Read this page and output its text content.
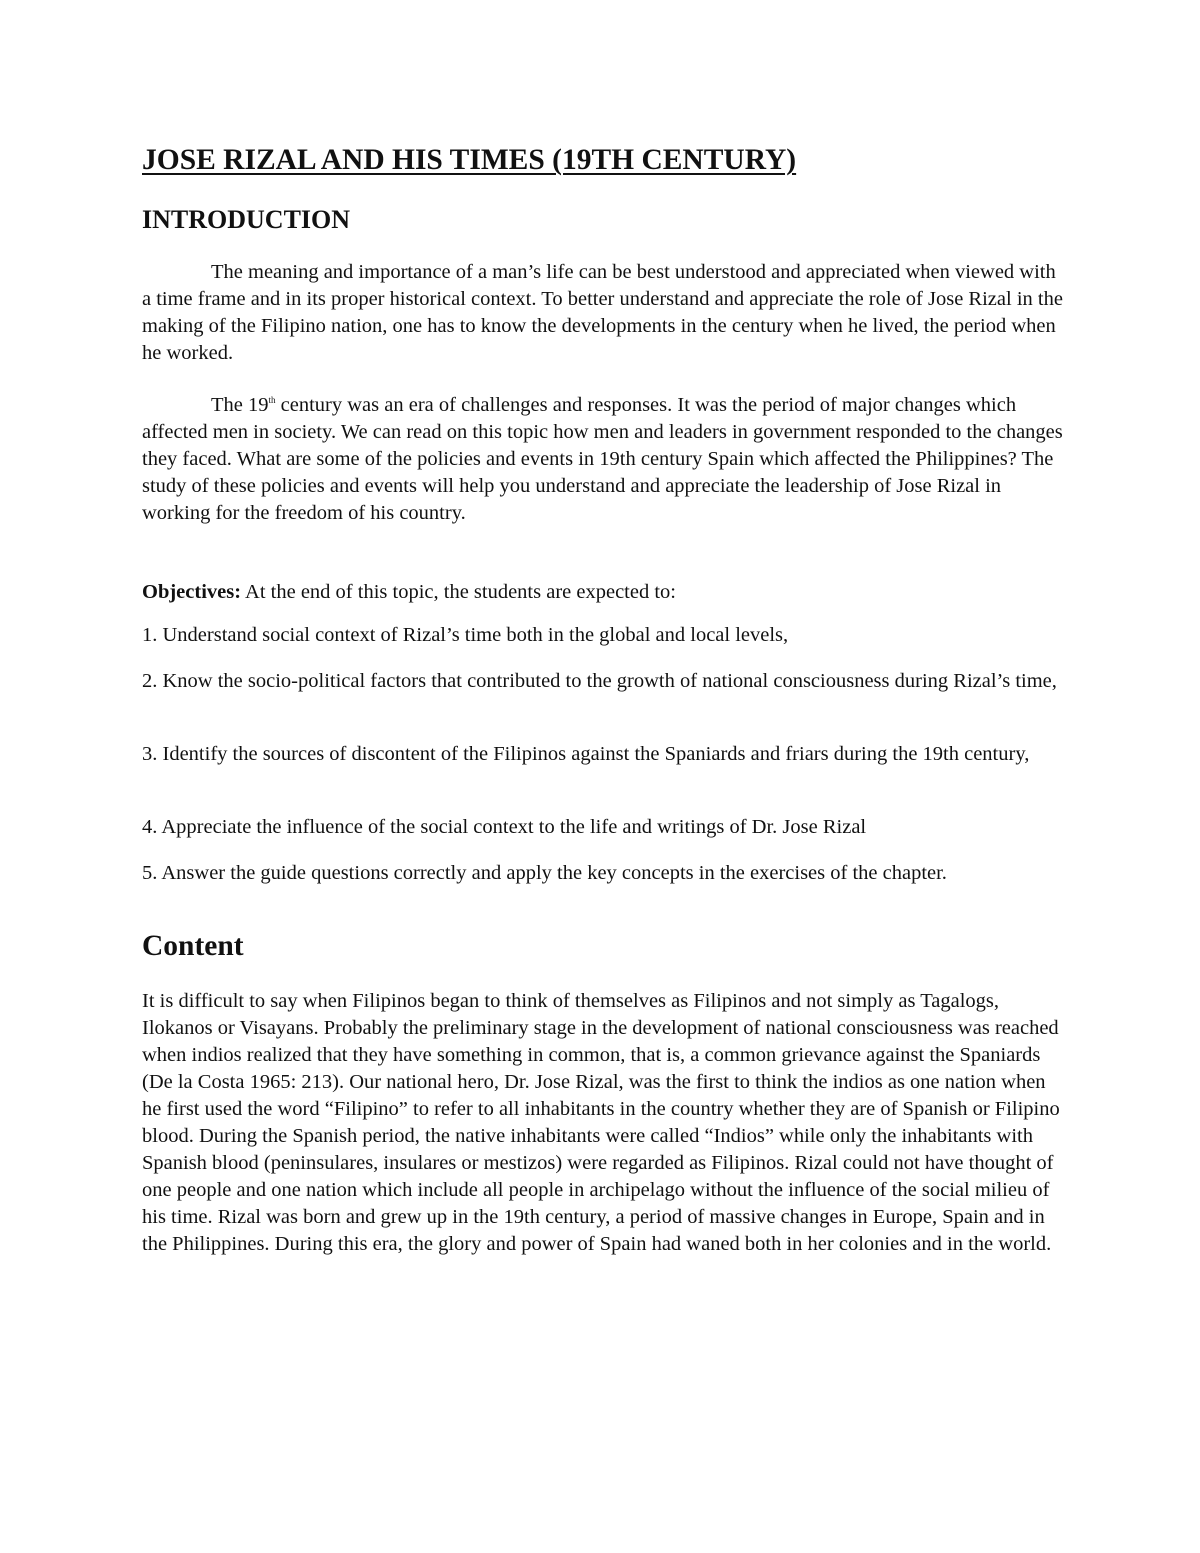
JOSE RIZAL AND HIS TIMES (19TH CENTURY)
INTRODUCTION

The meaning and importance of a man’s life can be best understood and appreciated when viewed with a time frame and in its proper historical context. To better understand and appreciate the role of Jose Rizal in the making of the Filipino nation, one has to know the developments in the century when he lived, the period when he worked.

The 19th century was an era of challenges and responses. It was the period of major changes which affected men in society. We can read on this topic how men and leaders in government responded to the changes they faced. What are some of the policies and events in 19th century Spain which affected the Philippines? The study of these policies and events will help you understand and appreciate the leadership of Jose Rizal in working for the freedom of his country.

Objectives: At the end of this topic, the students are expected to:

1. Understand social context of Rizal’s time both in the global and local levels,

2. Know the socio-political factors that contributed to the growth of national consciousness during Rizal’s time,

3. Identify the sources of discontent of the Filipinos against the Spaniards and friars during the 19th century,

4. Appreciate the influence of the social context to the life and writings of Dr. Jose Rizal

5. Answer the guide questions correctly and apply the key concepts in the exercises of the chapter.

Content

It is difficult to say when Filipinos began to think of themselves as Filipinos and not simply as Tagalogs, Ilokanos or Visayans. Probably the preliminary stage in the development of national consciousness was reached when indios realized that they have something in common, that is, a common grievance against the Spaniards (De la Costa 1965: 213). Our national hero, Dr. Jose Rizal, was the first to think the indios as one nation when he first used the word “Filipino” to refer to all inhabitants in the country whether they are of Spanish or Filipino blood. During the Spanish period, the native inhabitants were called “Indios” while only the inhabitants with Spanish blood (peninsulares, insulares or mestizos) were regarded as Filipinos. Rizal could not have thought of one people and one nation which include all people in archipelago without the influence of the social milieu of his time. Rizal was born and grew up in the 19th century, a period of massive changes in Europe, Spain and in the Philippines. During this era, the glory and power of Spain had waned both in her colonies and in the world.
